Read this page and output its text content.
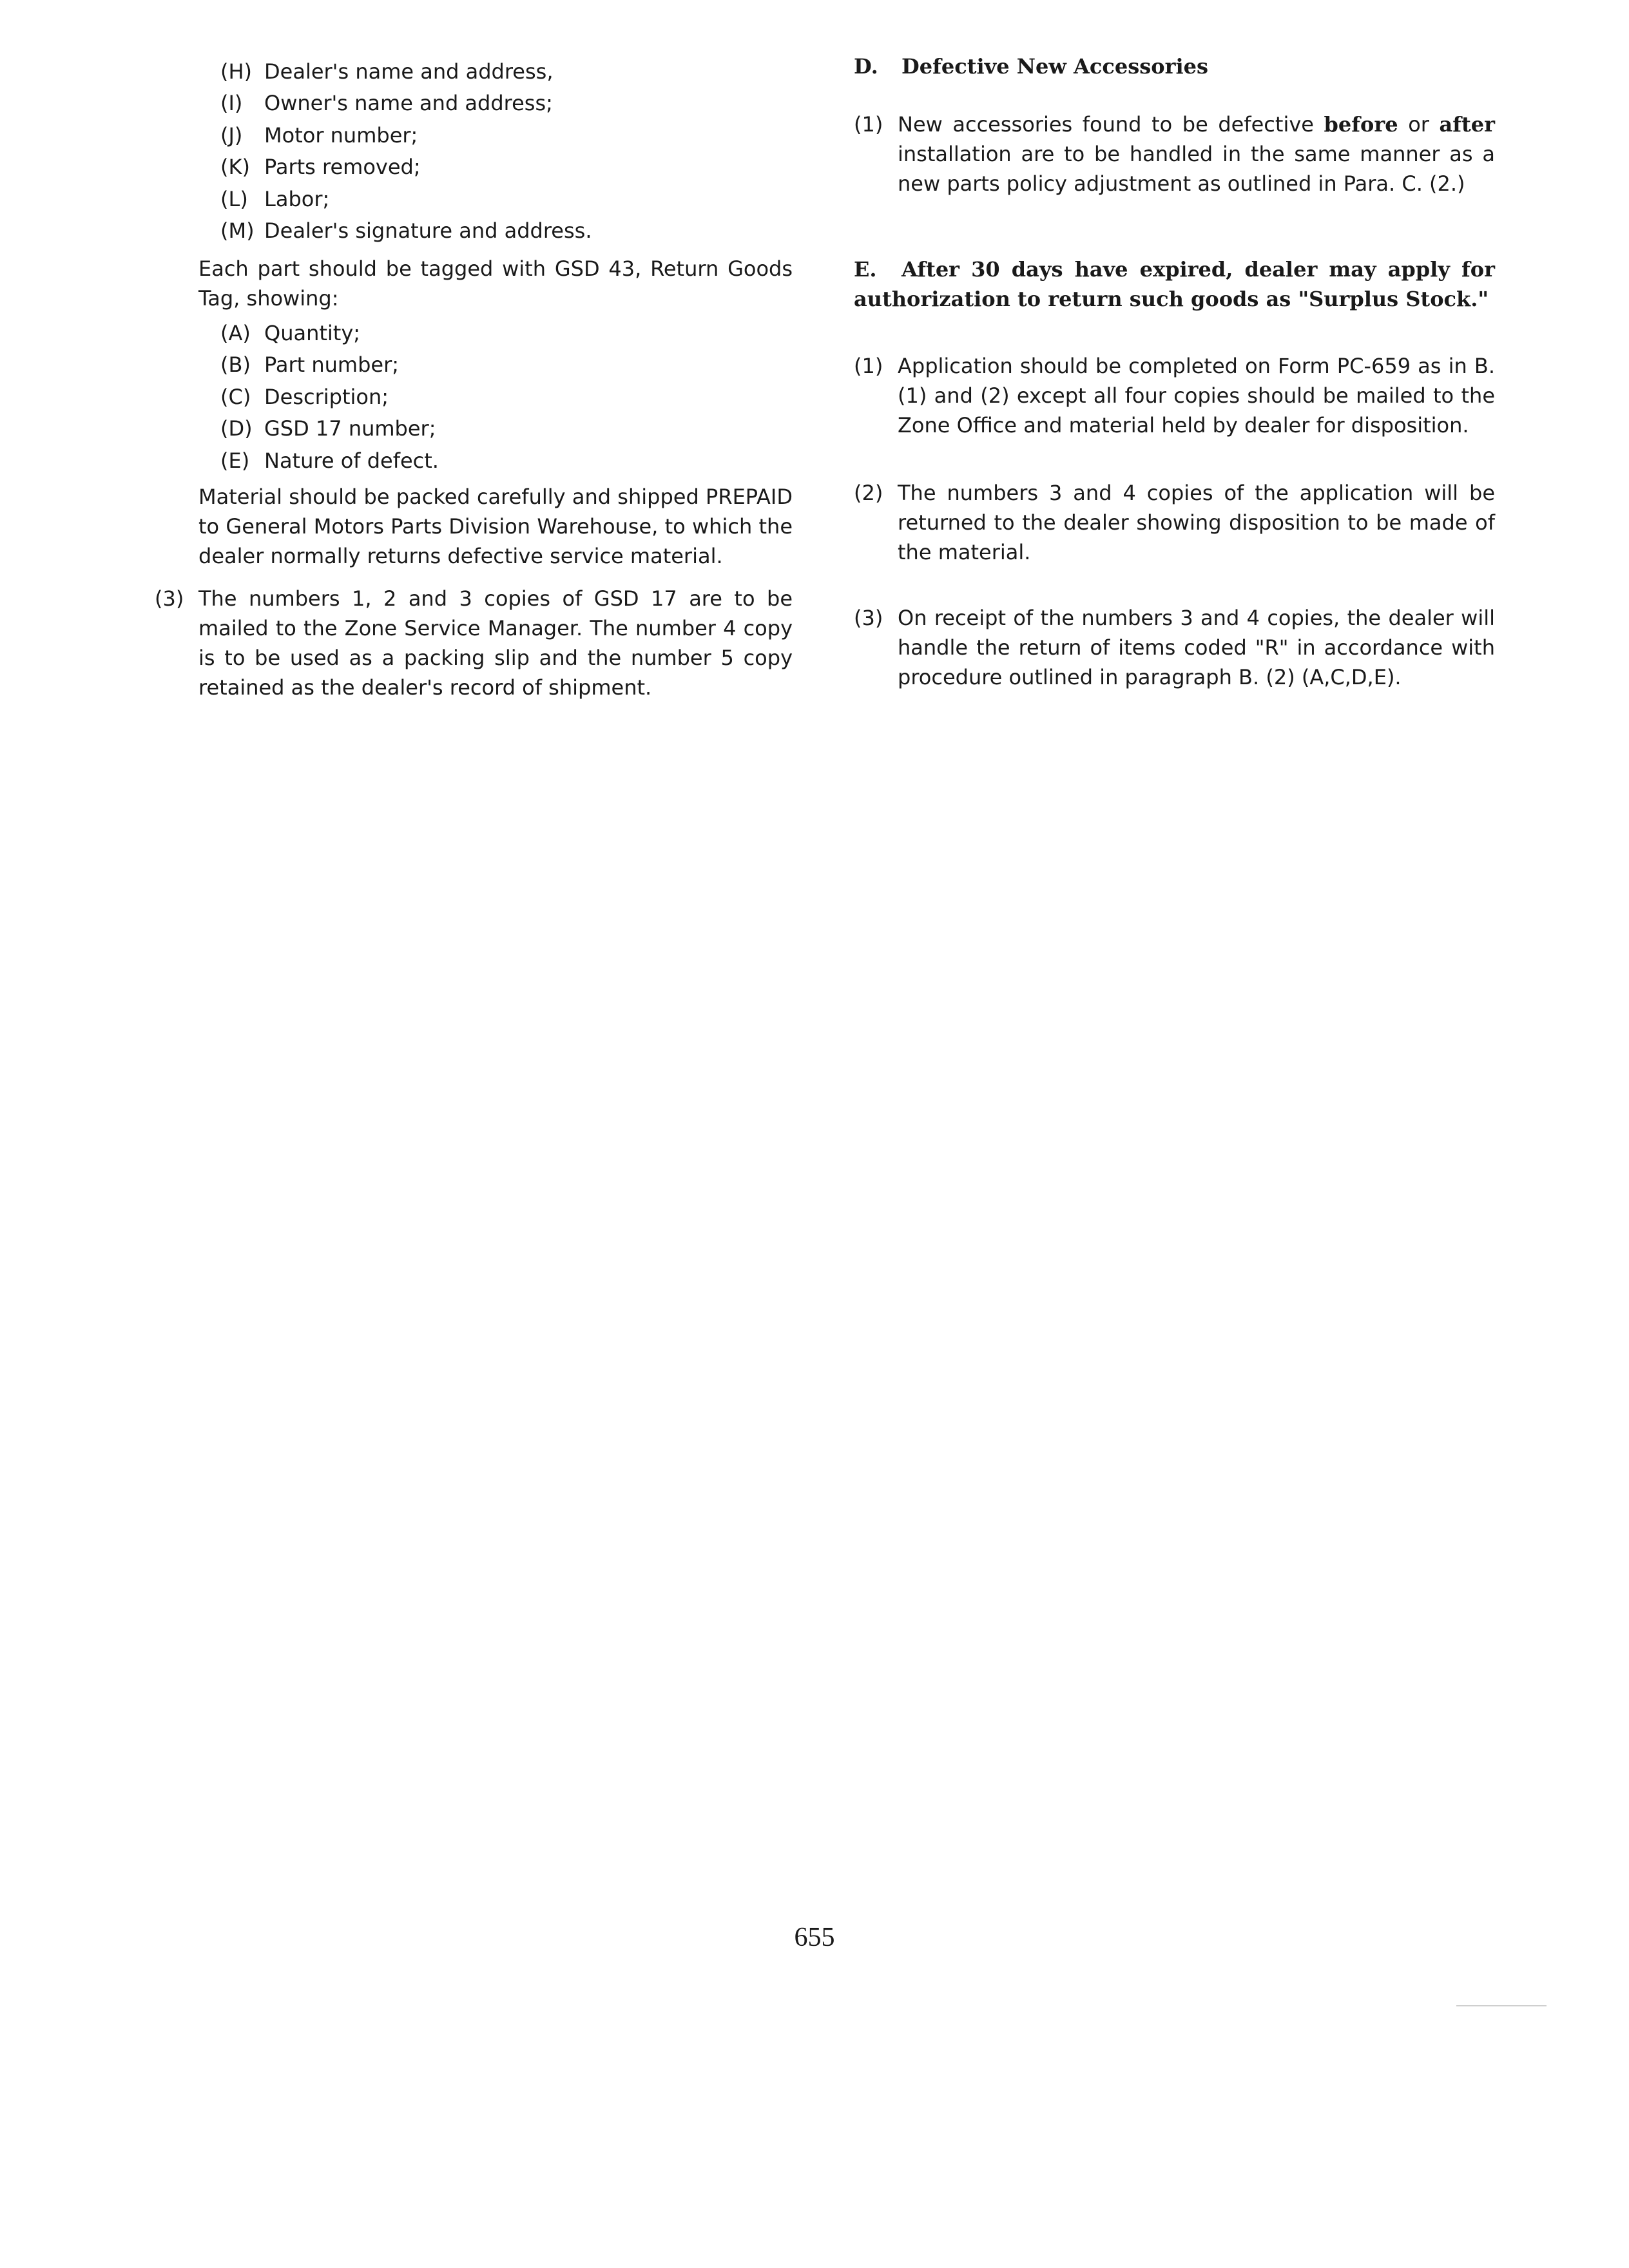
(H) Dealer's name and address,
(I) Owner's name and address;
(J) Motor number;
(K) Parts removed;
(L) Labor;
(M) Dealer's signature and address.

Each part should be tagged with GSD 43, Return Goods Tag, showing:

(A) Quantity;
(B) Part number;
(C) Description;
(D) GSD 17 number;
(E) Nature of defect.

Material should be packed carefully and shipped PREPAID to General Motors Parts Division Warehouse, to which the dealer normally returns defective service material.

(3) The numbers 1, 2 and 3 copies of GSD 17 are to be mailed to the Zone Service Manager. The number 4 copy is to be used as a packing slip and the number 5 copy retained as the dealer's record of shipment.
D. Defective New Accessories
(1) New accessories found to be defective before or after installation are to be handled in the same manner as a new parts policy adjustment as outlined in Para. C. (2.)
E. After 30 days have expired, dealer may apply for authorization to return such goods as "Surplus Stock."
(1) Application should be completed on Form PC-659 as in B. (1) and (2) except all four copies should be mailed to the Zone Office and material held by dealer for disposition.
(2) The numbers 3 and 4 copies of the application will be returned to the dealer showing disposition to be made of the material.
(3) On receipt of the numbers 3 and 4 copies, the dealer will handle the return of items coded "R" in accordance with procedure outlined in paragraph B. (2) (A,C,D,E).
655
